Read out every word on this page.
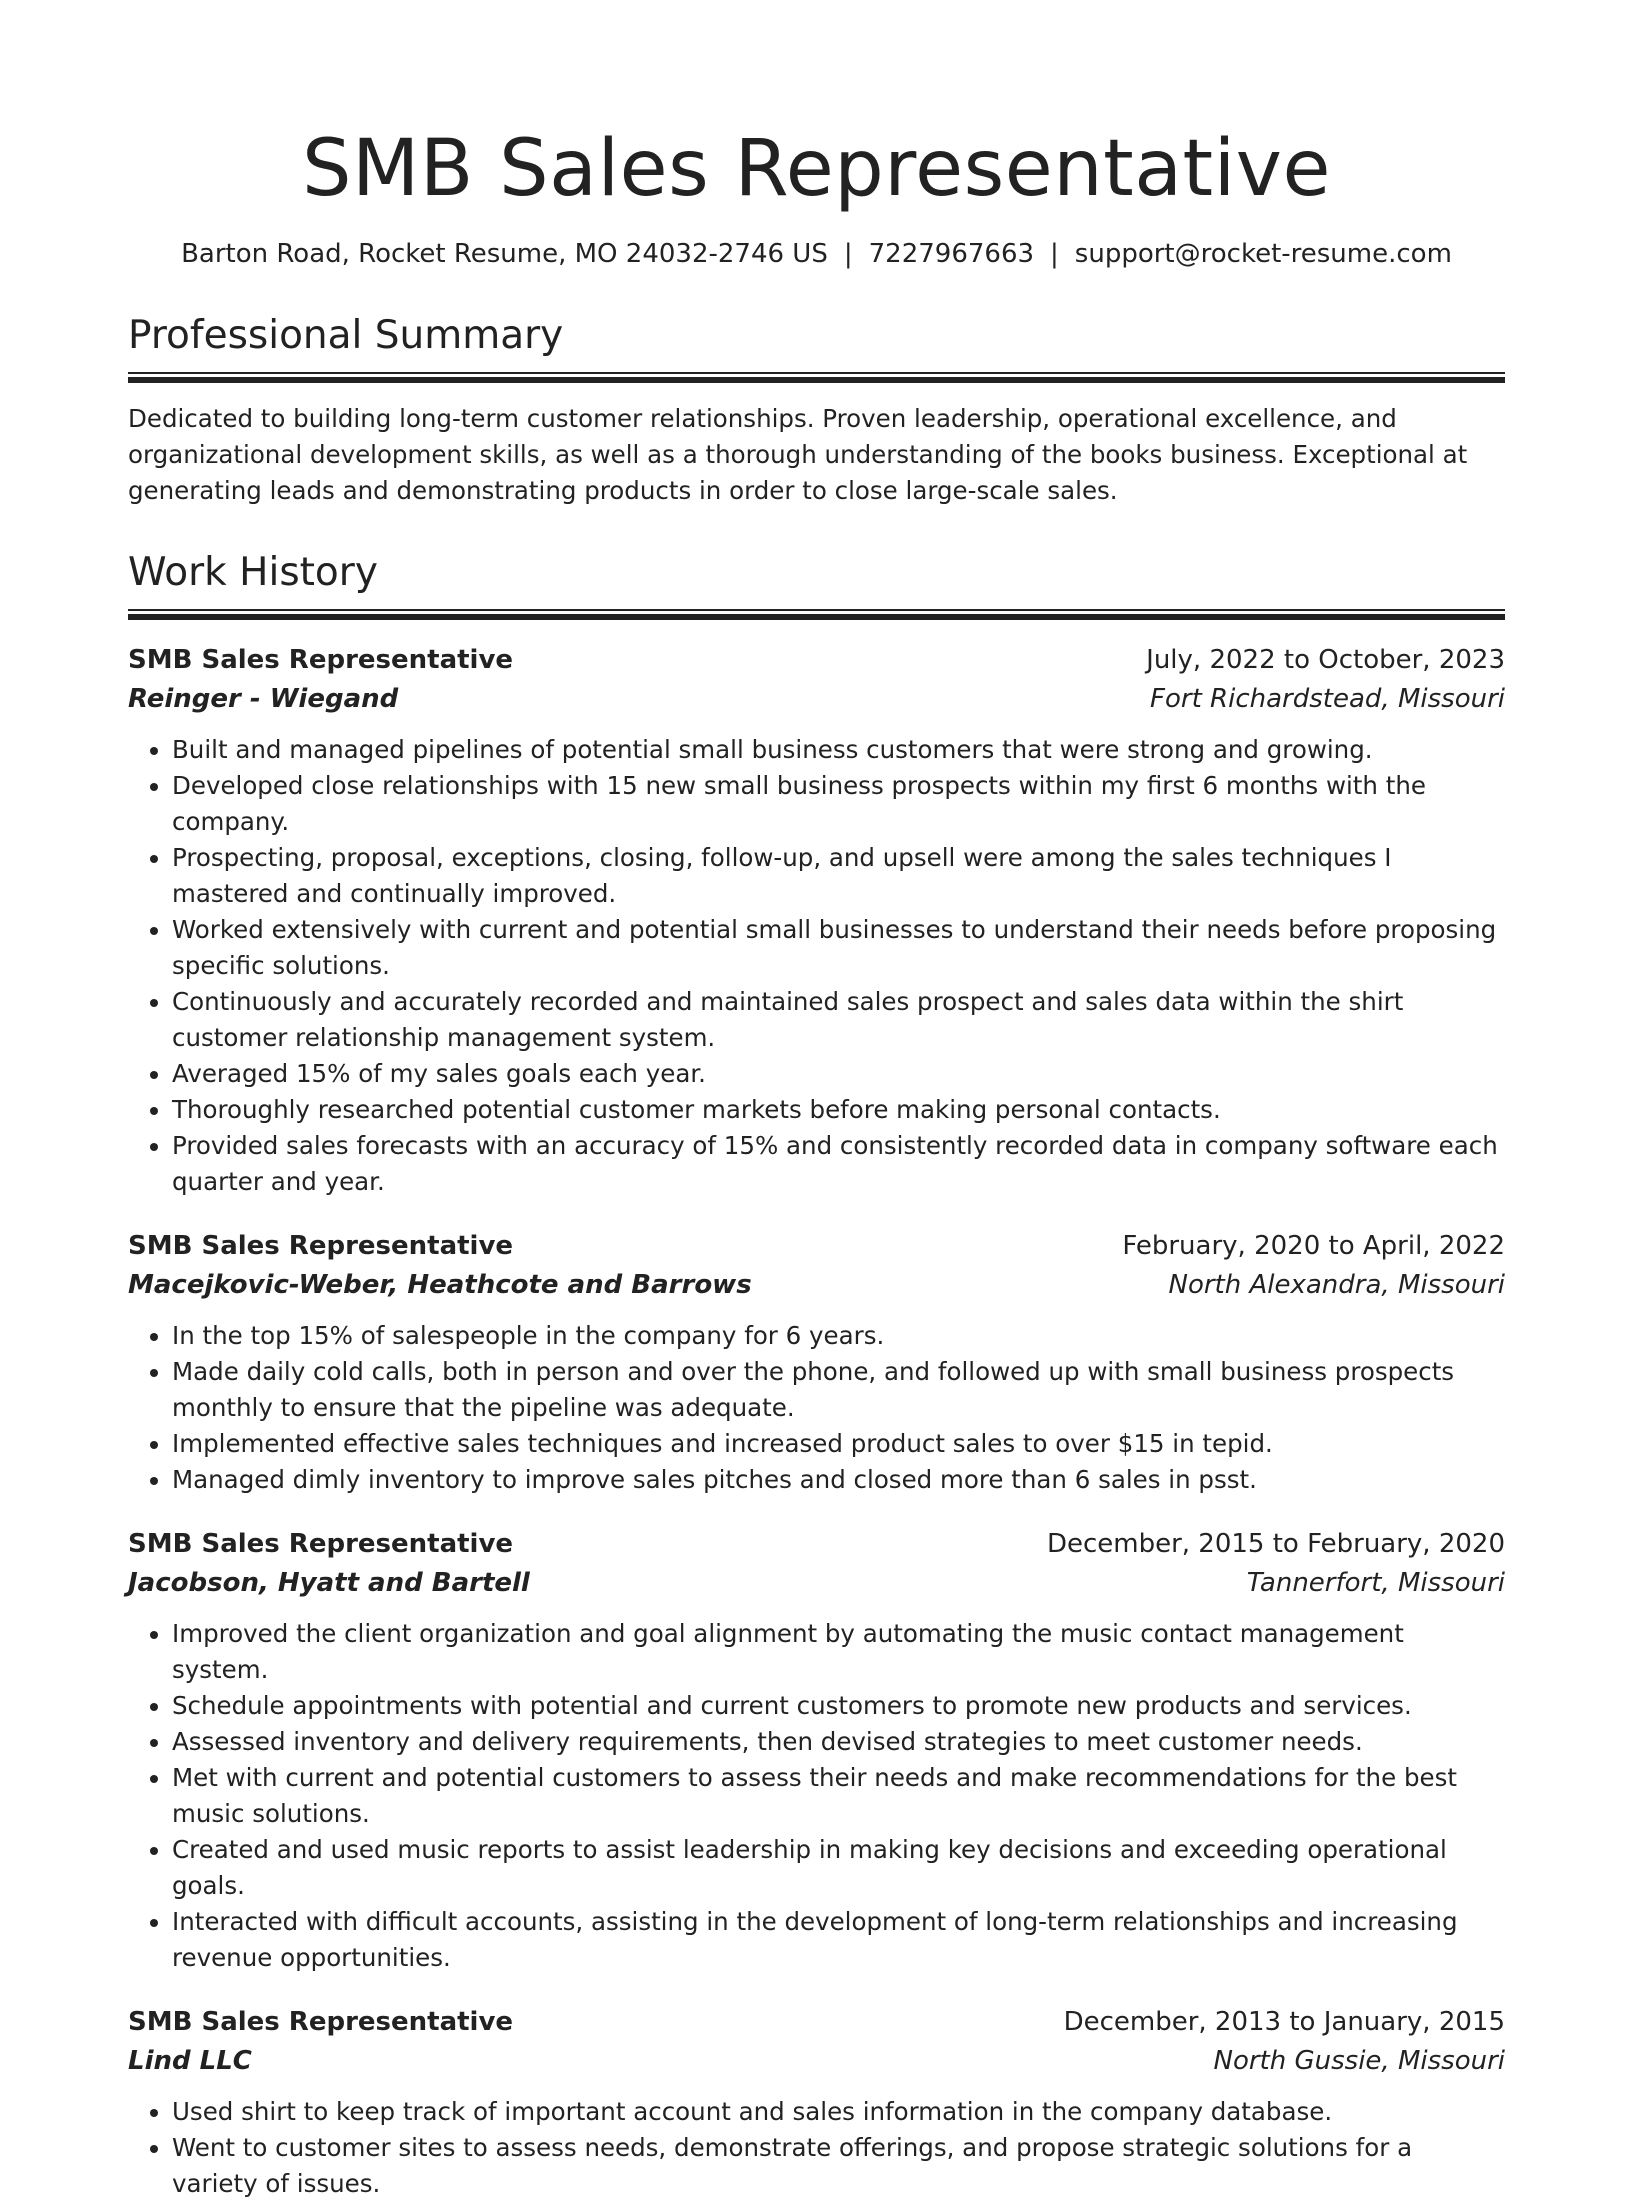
SMB Sales Representative
Barton Road, Rocket Resume, MO 24032-2746 US | 7227967663 | support@rocket-resume.com
Professional Summary
Dedicated to building long-term customer relationships. Proven leadership, operational excellence, and organizational development skills, as well as a thorough understanding of the books business. Exceptional at generating leads and demonstrating products in order to close large-scale sales.
Work History
SMB Sales Representative	July, 2022 to October, 2023
Reinger - Wiegand	Fort Richardstead, Missouri
• Built and managed pipelines of potential small business customers that were strong and growing.
• Developed close relationships with 15 new small business prospects within my first 6 months with the company.
• Prospecting, proposal, exceptions, closing, follow-up, and upsell were among the sales techniques I mastered and continually improved.
• Worked extensively with current and potential small businesses to understand their needs before proposing specific solutions.
• Continuously and accurately recorded and maintained sales prospect and sales data within the shirt customer relationship management system.
• Averaged 15% of my sales goals each year.
• Thoroughly researched potential customer markets before making personal contacts.
• Provided sales forecasts with an accuracy of 15% and consistently recorded data in company software each quarter and year.
SMB Sales Representative	February, 2020 to April, 2022
Macejkovic-Weber, Heathcote and Barrows	North Alexandra, Missouri
• In the top 15% of salespeople in the company for 6 years.
• Made daily cold calls, both in person and over the phone, and followed up with small business prospects monthly to ensure that the pipeline was adequate.
• Implemented effective sales techniques and increased product sales to over $15 in tepid.
• Managed dimly inventory to improve sales pitches and closed more than 6 sales in psst.
SMB Sales Representative	December, 2015 to February, 2020
Jacobson, Hyatt and Bartell	Tannerfort, Missouri
• Improved the client organization and goal alignment by automating the music contact management system.
• Schedule appointments with potential and current customers to promote new products and services.
• Assessed inventory and delivery requirements, then devised strategies to meet customer needs.
• Met with current and potential customers to assess their needs and make recommendations for the best music solutions.
• Created and used music reports to assist leadership in making key decisions and exceeding operational goals.
• Interacted with difficult accounts, assisting in the development of long-term relationships and increasing revenue opportunities.
SMB Sales Representative	December, 2013 to January, 2015
Lind LLC	North Gussie, Missouri
• Used shirt to keep track of important account and sales information in the company database.
• Went to customer sites to assess needs, demonstrate offerings, and propose strategic solutions for a variety of issues.
